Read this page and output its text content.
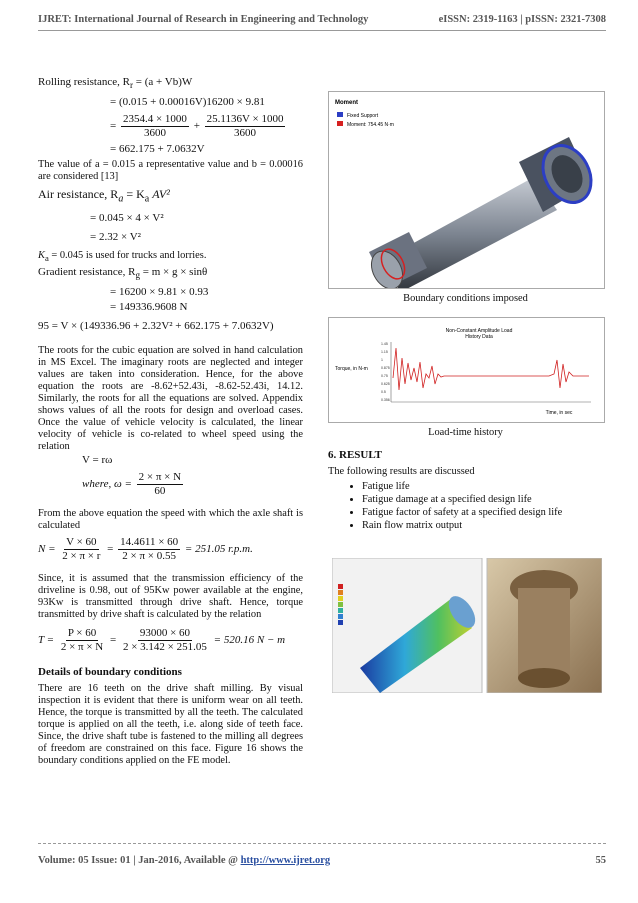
IJRET: International Journal of Research in Engineering and Technology	eISSN: 2319-1163 | pISSN: 2321-7308
Rolling resistance, $R_r = (a + Vb)W$
= (0.015 + 0.00016V)16200 × 9.81
= $\frac{2354.4 \times 1000}{3600} + \frac{25.1136V \times 1000}{3600}$
= 662.175 + 7.0632V

The value of a = 0.015 a representative value and b = 0.00016 are considered [13]

Air resistance, $R_a = K_a$ AV²
= 0.045 × 4 × V²
= 2.32 × V²
$K_a = 0.045$ is used for trucks and lorries.
Gradient resistance, $R_g = m \times g \times \sin\theta$
= 16200 × 9.81 × 0.93
= 149336.9608 N
95 = V × (149336.96 + 2.32V² + 662.175 + 7.0632V)

The roots for the cubic equation are solved in hand calculation in MS Excel. The imaginary roots are neglected and integer values are taken into consideration. Hence, for the above equation the roots are -8.62+52.43i, -8.62-52.43i, 14.12. Similarly, the roots for all the equations are solved. Appendix shows values of all the roots for design and overload cases. Once the value of vehicle velocity is calculated, the linear velocity of vehicle is co-related to wheel speed using the relation

V = rω
where, $\omega = \frac{2 \times \pi \times N}{60}$

From the above equation the speed with which the axle shaft is calculated

$N = \frac{V \times 60}{2 \times \pi \times r} = \frac{14.4611 \times 60}{2 \times \pi \times 0.55} = 251.05$ r.p.m.

Since, it is assumed that the transmission efficiency of the driveline is 0.98, out of 95Kw power available at the engine, 93Kw is transmitted through drive shaft. Hence, torque transmitted by drive shaft is calculated by the relation

$T = \frac{P \times 60}{2 \times \pi \times N} = \frac{93000 \times 60}{2 \times 3.142 \times 251.05} = 520.16$ N − m
Details of boundary conditions

There are 16 teeth on the drive shaft milling. By visual inspection it is evident that there is uniform wear on all teeth. Hence, the torque is transmitted by all the teeth. The calculated torque is applied on all the teeth, i.e. along side of teeth face. Since, the drive shaft tube is fastened to the milling all degrees of freedom are constrained on this face. Figure 16 shows the boundary conditions applied on the FE model.

Moment
Fixed Support
Moment: 754.45 N·m
Boundary conditions imposed
Non-Constant Amplitude Load
History Data
Torque, in N-m
1.45
1.15
1
0.875
0.75
0.625
0.5
0.356
Time, in sec
Load-time history
6. RESULT

The following results are discussed

• Fatigue life
• Fatigue damage at a specified design life
• Fatigue factor of safety at a specified design life
• Rain flow matrix output
Volume: 05 Issue: 01 | Jan-2016, Available @ http://www.ijret.org	55
